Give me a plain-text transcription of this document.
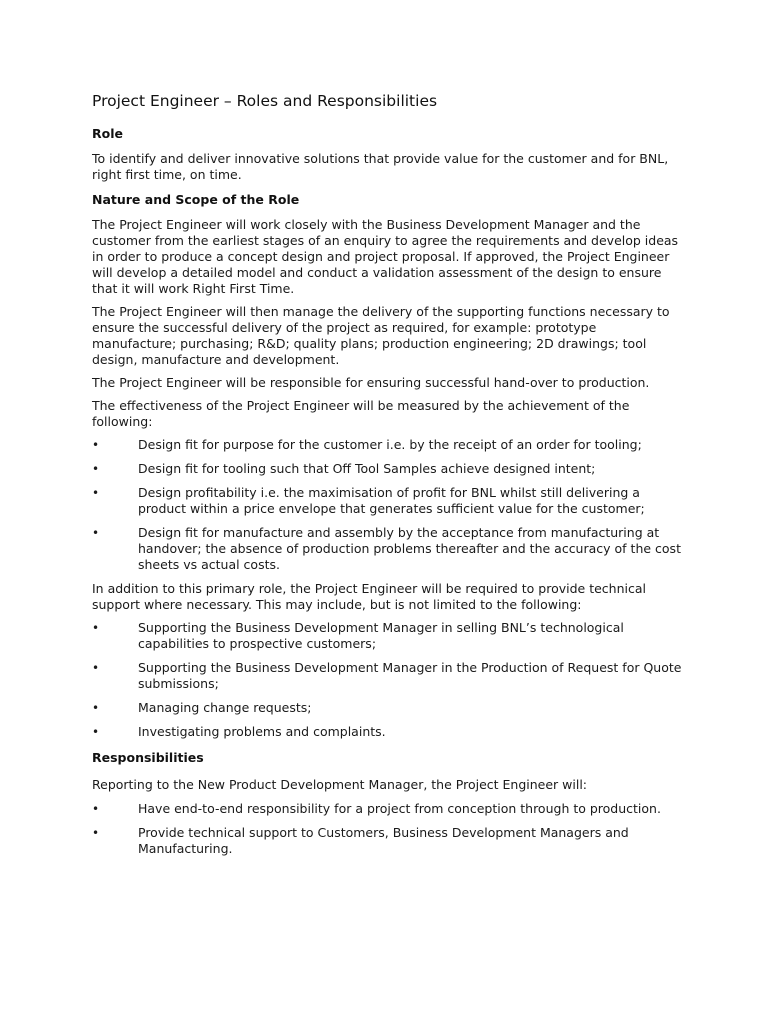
Project Engineer – Roles and Responsibilities
Role

To identify and deliver innovative solutions that provide value for the customer and for BNL, right first time, on time.

Nature and Scope of the Role

The Project Engineer will work closely with the Business Development Manager and the customer from the earliest stages of an enquiry to agree the requirements and develop ideas in order to produce a concept design and project proposal. If approved, the Project Engineer will develop a detailed model and conduct a validation assessment of the design to ensure that it will work Right First Time.

The Project Engineer will then manage the delivery of the supporting functions necessary to ensure the successful delivery of the project as required, for example: prototype manufacture; purchasing; R&D; quality plans; production engineering; 2D drawings; tool design, manufacture and development.

The Project Engineer will be responsible for ensuring successful hand-over to production.

The effectiveness of the Project Engineer will be measured by the achievement of the following:

•	Design fit for purpose for the customer i.e. by the receipt of an order for tooling;
•	Design fit for tooling such that Off Tool Samples achieve designed intent;
•	Design profitability i.e. the maximisation of profit for BNL whilst still delivering a product within a price envelope that generates sufficient value for the customer;
•	Design fit for manufacture and assembly by the acceptance from manufacturing at handover; the absence of production problems thereafter and the accuracy of the cost sheets vs actual costs.

In addition to this primary role, the Project Engineer will be required to provide technical support where necessary. This may include, but is not limited to the following:

•	Supporting the Business Development Manager in selling BNL’s technological capabilities to prospective customers;
•	Supporting the Business Development Manager in the Production of Request for Quote submissions;
•	Managing change requests;
•	Investigating problems and complaints.
Responsibilities

Reporting to the New Product Development Manager, the Project Engineer will:

•	Have end-to-end responsibility for a project from conception through to production.
•	Provide technical support to Customers, Business Development Managers and Manufacturing.
